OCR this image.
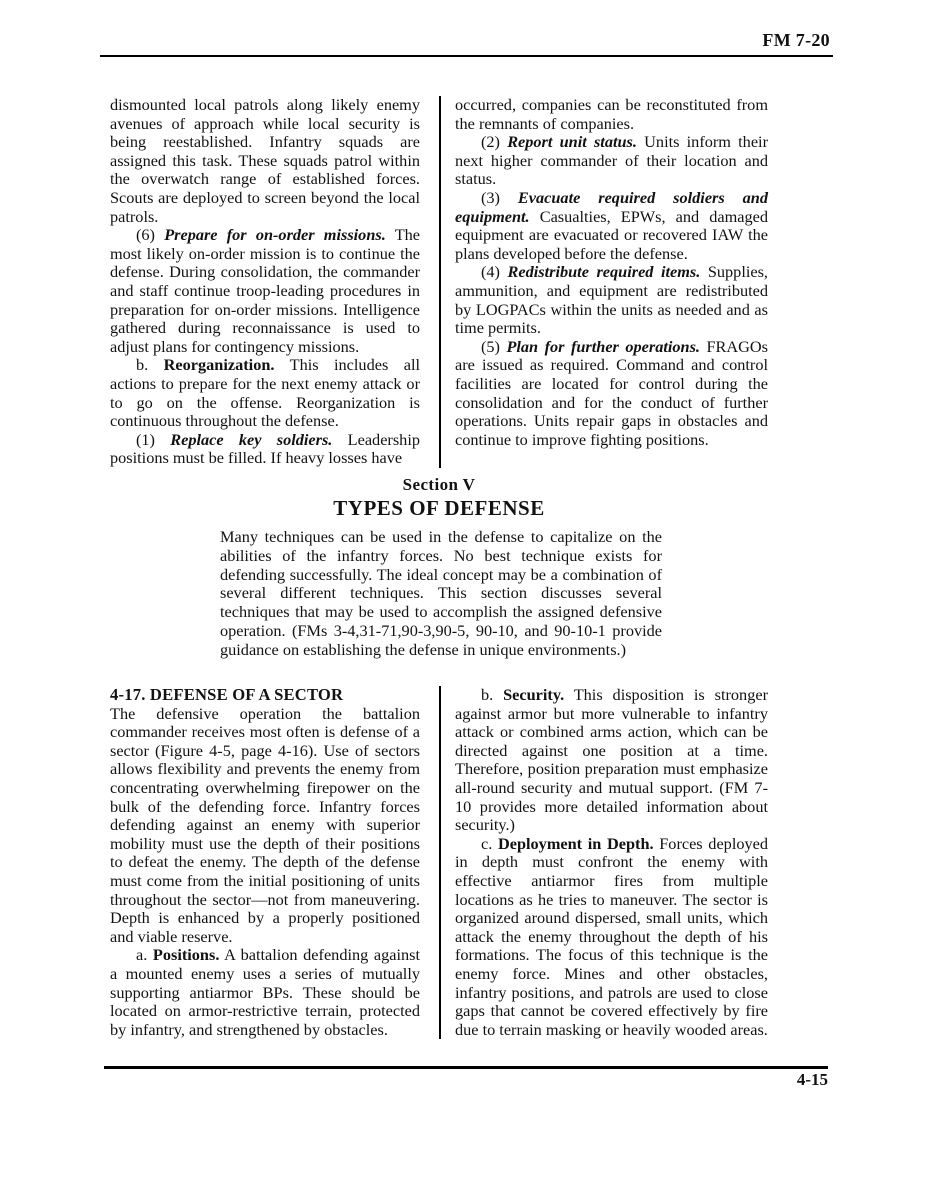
FM 7-20

dismounted local patrols along likely enemy avenues of approach while local security is being reestablished. Infantry squads are assigned this task. These squads patrol within the overwatch range of established forces. Scouts are deployed to screen beyond the local patrols.

(6) Prepare for on-order missions. The most likely on-order mission is to continue the defense. During consolidation, the commander and staff continue troop-leading procedures in preparation for on-order missions. Intelligence gathered during reconnaissance is used to adjust plans for contingency missions.

b. Reorganization. This includes all actions to prepare for the next enemy attack or to go on the offense. Reorganization is continuous throughout the defense.

(1) Replace key soldiers. Leadership positions must be filled. If heavy losses have

occurred, companies can be reconstituted from the remnants of companies.

(2) Report unit status. Units inform their next higher commander of their location and status.

(3) Evacuate required soldiers and equipment. Casualties, EPWs, and damaged equipment are evacuated or recovered IAW the plans developed before the defense.

(4) Redistribute required items. Supplies, ammunition, and equipment are redistributed by LOGPACs within the units as needed and as time permits.

(5) Plan for further operations. FRAGOs are issued as required. Command and control facilities are located for control during the consolidation and for the conduct of further operations. Units repair gaps in obstacles and continue to improve fighting positions.

Section V
TYPES OF DEFENSE

Many techniques can be used in the defense to capitalize on the abilities of the infantry forces. No best technique exists for defending successfully. The ideal concept may be a combination of several different techniques. This section discusses several techniques that may be used to accomplish the assigned defensive operation. (FMs 3-4,31-71,90-3,90-5, 90-10, and 90-10-1 provide guidance on establishing the defense in unique environments.)

4-17. DEFENSE OF A SECTOR

The defensive operation the battalion commander receives most often is defense of a sector (Figure 4-5, page 4-16). Use of sectors allows flexibility and prevents the enemy from concentrating overwhelming firepower on the bulk of the defending force. Infantry forces defending against an enemy with superior mobility must use the depth of their positions to defeat the enemy. The depth of the defense must come from the initial positioning of units throughout the sector—not from maneuvering. Depth is enhanced by a properly positioned and viable reserve.

a. Positions. A battalion defending against a mounted enemy uses a series of mutually supporting antiarmor BPs. These should be located on armor-restrictive terrain, protected by infantry, and strengthened by obstacles.

b. Security. This disposition is stronger against armor but more vulnerable to infantry attack or combined arms action, which can be directed against one position at a time. Therefore, position preparation must emphasize all-round security and mutual support. (FM 7-10 provides more detailed information about security.)

c. Deployment in Depth. Forces deployed in depth must confront the enemy with effective antiarmor fires from multiple locations as he tries to maneuver. The sector is organized around dispersed, small units, which attack the enemy throughout the depth of his formations. The focus of this technique is the enemy force. Mines and other obstacles, infantry positions, and patrols are used to close gaps that cannot be covered effectively by fire due to terrain masking or heavily wooded areas.

4-15
